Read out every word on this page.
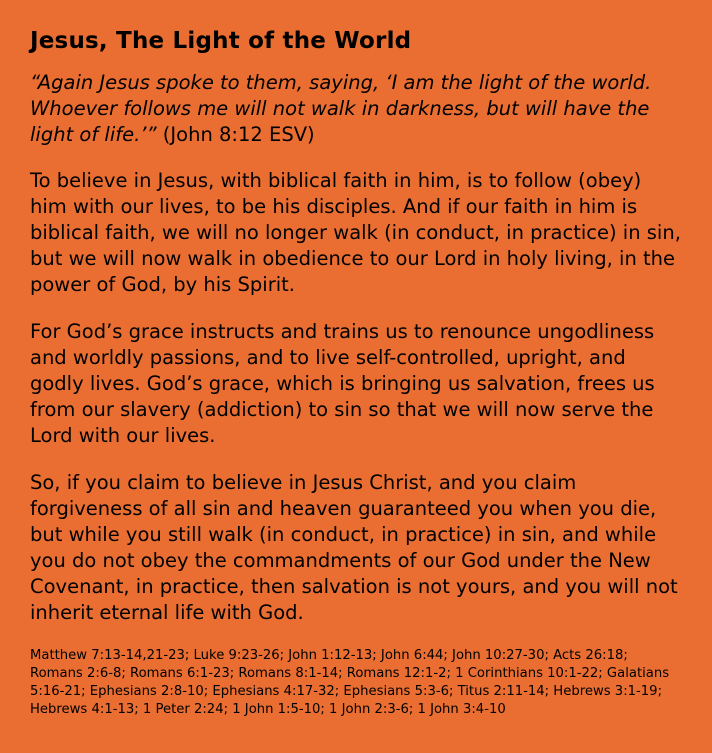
Jesus, The Light of the World

“Again Jesus spoke to them, saying, ‘I am the light of the world. Whoever follows me will not walk in darkness, but will have the light of life.’” (John 8:12 ESV)

To believe in Jesus, with biblical faith in him, is to follow (obey) him with our lives, to be his disciples. And if our faith in him is biblical faith, we will no longer walk (in conduct, in practice) in sin, but we will now walk in obedience to our Lord in holy living, in the power of God, by his Spirit.

For God’s grace instructs and trains us to renounce ungodliness and worldly passions, and to live self-controlled, upright, and godly lives. God’s grace, which is bringing us salvation, frees us from our slavery (addiction) to sin so that we will now serve the Lord with our lives.

So, if you claim to believe in Jesus Christ, and you claim forgiveness of all sin and heaven guaranteed you when you die, but while you still walk (in conduct, in practice) in sin, and while you do not obey the commandments of our God under the New Covenant, in practice, then salvation is not yours, and you will not inherit eternal life with God.

Matthew 7:13-14,21-23; Luke 9:23-26; John 1:12-13; John 6:44; John 10:27-30; Acts 26:18; Romans 2:6-8; Romans 6:1-23; Romans 8:1-14; Romans 12:1-2; 1 Corinthians 10:1-22; Galatians 5:16-21; Ephesians 2:8-10; Ephesians 4:17-32; Ephesians 5:3-6; Titus 2:11-14; Hebrews 3:1-19; Hebrews 4:1-13; 1 Peter 2:24; 1 John 1:5-10; 1 John 2:3-6; 1 John 3:4-10
